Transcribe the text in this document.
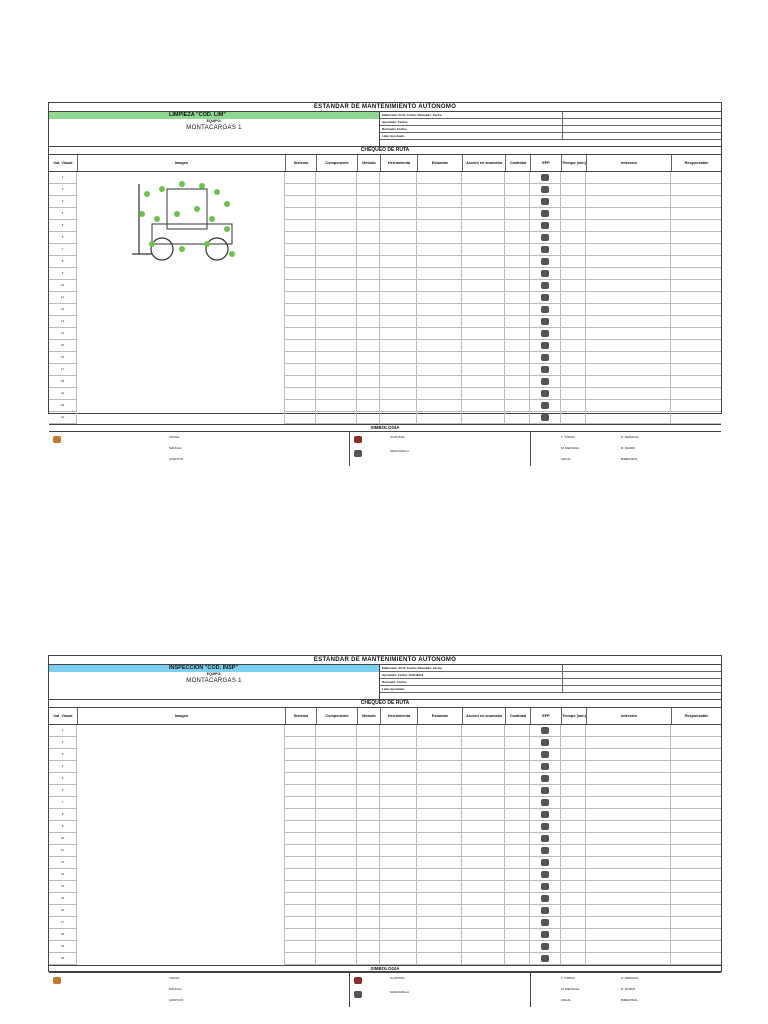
ESTANDAR DE MANTENIMIENTO AUTONOMO
LIMPIEZA "COD. LIM"
EQUIPO:
MONTACARGAS 1
Elaborado: Profr. Fecha: Revisado: Fecha
Aprobado: Fecha:
Revisado: Fecha:
Lider Aprobado:
CHEQUEO DE RUTA
Ind. Visual	Imagen	Sistema	Componente	Metodo	Herramienta	Estandar	Acción en anomalia	Cantidad	EPP	Tiempo (min)	Intervalo	Responsable
1
2
3
4
5
6
7
8
9
10
11
12
13
14
15
16
17
18
19
20
21
SIMBOLOGIA
VISUAL
MANUAL
AUDITIVO
GUANTES
MASCARILLA
T: TURNO	S: SEMANAL
M: MENSUAL	D: DIARIO
ANUAL	BIMESTRAL
ESTANDAR DE MANTENIMIENTO AUTONOMO
INSPECCION "COD. INSP"
EQUIPO:
MONTACARGAS 1
Elaborado: Profr. Fecha: Revisado: Fecha
Aprobado: Fecha: 15/11/2019
Revisado: Fecha:
Lider Aprobado:
CHEQUEO DE RUTA
Ind. Visual	Imagen	Sistema	Componente	Metodo	Herramienta	Estandar	Acción en anomalia	Cantidad	EPP	Tiempo (min)	Intervalo	Responsable
1
2
3
4
5
6
7
8
9
10
11
12
13
14
15
16
17
18
19
20
SIMBOLOGIA
VISUAL
MANUAL
AUDITIVO
GUANTES
MASCARILLA
T: TURNO	S: SEMANAL
M: MENSUAL	D: DIARIO
ANUAL	BIMESTRAL
